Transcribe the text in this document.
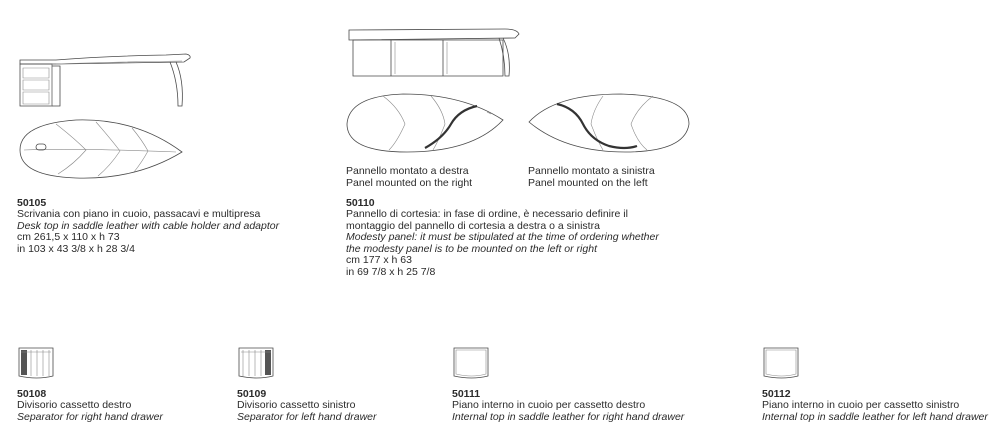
50105
Scrivania con piano in cuoio, passacavi e multipresa
Desk top in saddle leather with cable holder and adaptor
cm 261,5 x 110 x h 73
in 103 x 43 3/8 x h 28 3/4
Pannello montato a destra
Panel mounted on the right
Pannello montato a sinistra
Panel mounted on the left
50110
Pannello di cortesia: in fase di ordine, è necessario definire il
montaggio del pannello di cortesia a destra o a sinistra
Modesty panel: it must be stipulated at the time of ordering whether
the modesty panel is to be mounted on the left or right
cm 177 x h 63
in 69 7/8 x h 25 7/8
50108
Divisorio cassetto destro
Separator for right hand drawer
50109
Divisorio cassetto sinistro
Separator for left hand drawer
50111
Piano interno in cuoio per cassetto destro
Internal top in saddle leather for right hand drawer
50112
Piano interno in cuoio per cassetto sinistro
Internal top in saddle leather for left hand drawer
